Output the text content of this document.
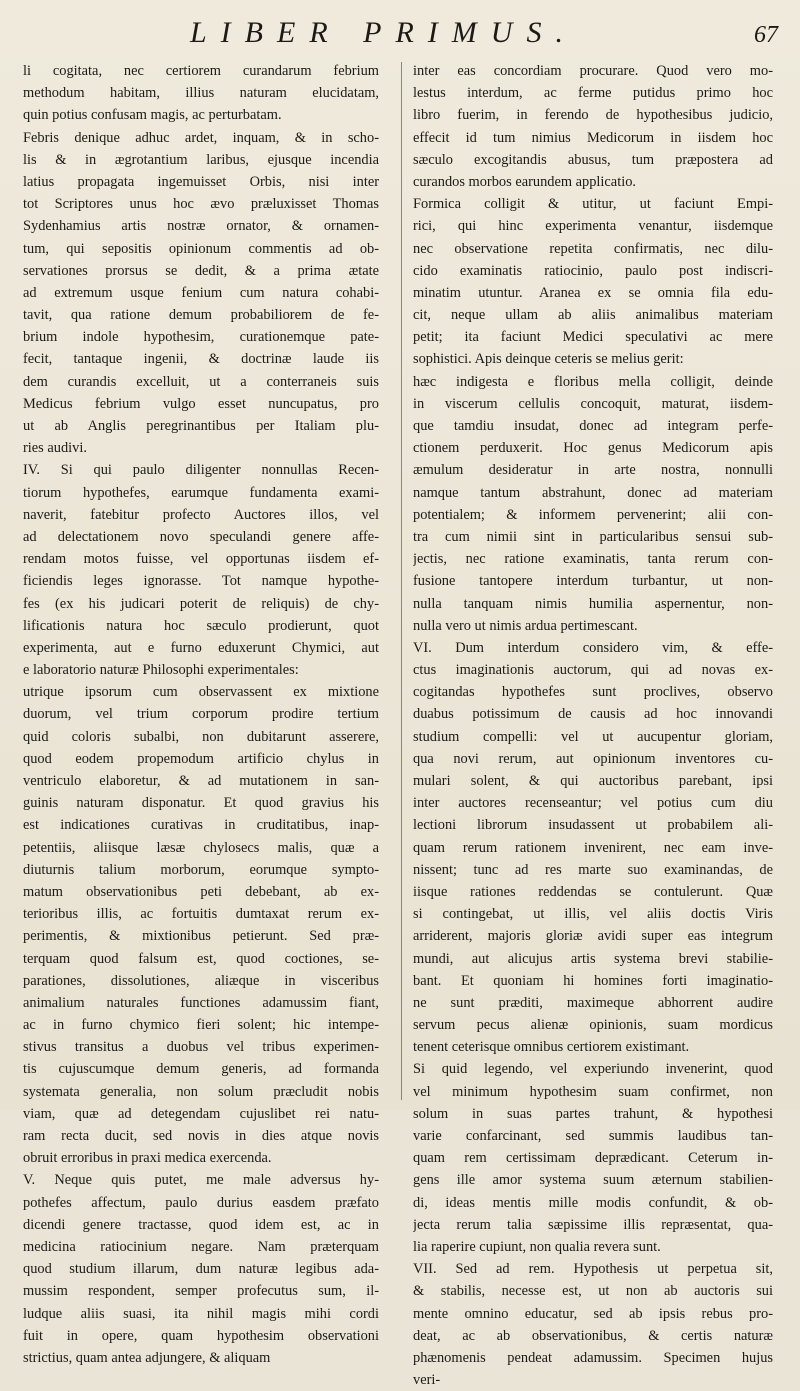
LIBER PRIMUS.	67
li cogitata, nec certiorem curandarum febrium
methodum habitam, illius naturam elucidatam,
quin potius confusam magis, ac perturbatam.
Febris denique adhuc ardet, inquam, & in scho-
lis & in ægrotantium laribus, ejusque incendia
latius propagata ingemuisset Orbis, nisi inter
tot Scriptores unus hoc ævo præluxisset Thomas
Sydenhamius artis nostræ ornator, & ornamen-
tum, qui sepositis opinionum commentis ad ob-
servationes prorsus se dedit, & a prima ætate
ad extremum usque fenium cum natura cohabi-
tavit, qua ratione demum probabiliorem de fe-
brium indole hypothesim, curationemque pate-
fecit, tantaque ingenii, & doctrinæ laude iis
dem curandis excelluit, ut a conterraneis suis
Medicus febrium vulgo esset nuncupatus, pro
ut ab Anglis peregrinantibus per Italiam plu-
ries audivi.
IV. Si qui paulo diligenter nonnullas Recen-
tiorum hypothefes, earumque fundamenta exami-
naverit, fatebitur profecto Auctores illos, vel
ad delectationem novo speculandi genere affe-
rendam motos fuisse, vel opportunas iisdem ef-
ficiendis leges ignorasse. Tot namque hypothe-
fes (ex his judicari poterit de reliquis) de chy-
lificationis natura hoc sæculo prodierunt, quot
experimenta, aut e furno eduxerunt Chymici, aut
e laboratorio naturæ Philosophi experimentales:
utrique ipsorum cum observassent ex mixtione
duorum, vel trium corporum prodire tertium
quid coloris subalbi, non dubitarunt asserere,
quod eodem propemodum artificio chylus in
ventriculo elaboretur, & ad mutationem in san-
guinis naturam disponatur. Et quod gravius his
est indicationes curativas in cruditatibus, inap-
petentiis, aliisque læsæ chylosecs malis, quæ a
diuturnis talium morborum, eorumque sympto-
matum observationibus peti debebant, ab ex-
terioribus illis, ac fortuitis dumtaxat rerum ex-
perimentis, & mixtionibus petierunt. Sed præ-
terquam quod falsum est, quod coctiones, se-
parationes, dissolutiones, aliæque in visceribus
animalium naturales functiones adamussim fiant,
ac in furno chymico fieri solent; hic intempe-
stivus transitus a duobus vel tribus experimen-
tis cujuscumque demum generis, ad formanda
systemata generalia, non solum præcludit nobis
viam, quæ ad detegendam cujuslibet rei natu-
ram recta ducit, sed novis in dies atque novis
obruit erroribus in praxi medica exercenda.
V. Neque quis putet, me male adversus hy-
pothefes affectum, paulo durius easdem præfato
dicendi genere tractasse, quod idem est, ac in
medicina ratiocinium negare. Nam præterquam
quod studium illarum, dum naturæ legibus ada-
mussim respondent, semper profecutus sum, il-
ludque aliis suasi, ita nihil magis mihi cordi
fuit in opere, quam hypothesim observationi
strictius, quam antea adjungere, & aliquam
inter eas concordiam procurare. Quod vero mo-
lestus interdum, ac ferme putidus primo hoc
libro fuerim, in ferendo de hypothesibus judicio,
effecit id tum nimius Medicorum in iisdem hoc
sæculo excogitandis abusus, tum præpostera ad
curandos morbos earundem applicatio.
Formica colligit & utitur, ut faciunt Empi-
rici, qui hinc experimenta venantur, iisdemque
nec observatione repetita confirmatis, nec dilu-
cido examinatis ratiocinio, paulo post indiscri-
minatim utuntur. Aranea ex se omnia fila edu-
cit, neque ullam ab aliis animalibus materiam
petit; ita faciunt Medici speculativi ac mere
sophistici. Apis deinque ceteris se melius gerit:
hæc indigesta e floribus mella colligit, deinde
in viscerum cellulis concoquit, maturat, iisdem-
que tamdiu insudat, donec ad integram perfe-
ctionem perduxerit. Hoc genus Medicorum apis
æmulum desideratur in arte nostra, nonnulli
namque tantum abstrahunt, donec ad materiam
potentialem; & informem pervenerint; alii con-
tra cum nimii sint in particularibus sensui sub-
jectis, nec ratione examinatis, tanta rerum con-
fusione tantopere interdum turbantur, ut non-
nulla tanquam nimis humilia aspernentur, non-
nulla vero ut nimis ardua pertimescant.
VI. Dum interdum considero vim, & effe-
ctus imaginationis auctorum, qui ad novas ex-
cogitandas hypothefes sunt proclives, observo
duabus potissimum de causis ad hoc innovandi
studium compelli: vel ut aucupentur gloriam,
qua novi rerum, aut opinionum inventores cu-
mulari solent, & qui auctoribus parebant, ipsi
inter auctores recenseantur; vel potius cum diu
lectioni librorum insudassent ut probabilem ali-
quam rerum rationem invenirent, nec eam inve-
nissent; tunc ad res marte suo examinandas, de
iisque rationes reddendas se contulerunt. Quæ
si contingebat, ut illis, vel aliis doctis Viris
arriderent, majoris gloriæ avidi super eas integrum
mundi, aut alicujus artis systema brevi stabilie-
bant. Et quoniam hi homines forti imaginatio-
ne sunt præditi, maximeque abhorrent audire
servum pecus alienæ opinionis, suam mordicus
tenent ceterisque omnibus certiorem existimant.
Si quid legendo, vel experiundo invenerint, quod
vel minimum hypothesim suam confirmet, non
solum in suas partes trahunt, & hypothesi
varie confarcinant, sed summis laudibus tan-
quam rem certissimam deprædicant. Ceterum in-
gens ille amor systema suum æternum stabilien-
di, ideas mentis mille modis confundit, & ob-
jecta rerum talia sæpissime illis repræsentat, qua-
lia raperire cupiunt, non qualia revera sunt.
VII. Sed ad rem. Hypothesis ut perpetua sit,
& stabilis, necesse est, ut non ab auctoris sui
mente omnino educatur, sed ab ipsis rebus pro-
deat, ac ab observationibus, & certis naturæ
phænomenis pendeat adamussim. Specimen hujus
veri-
